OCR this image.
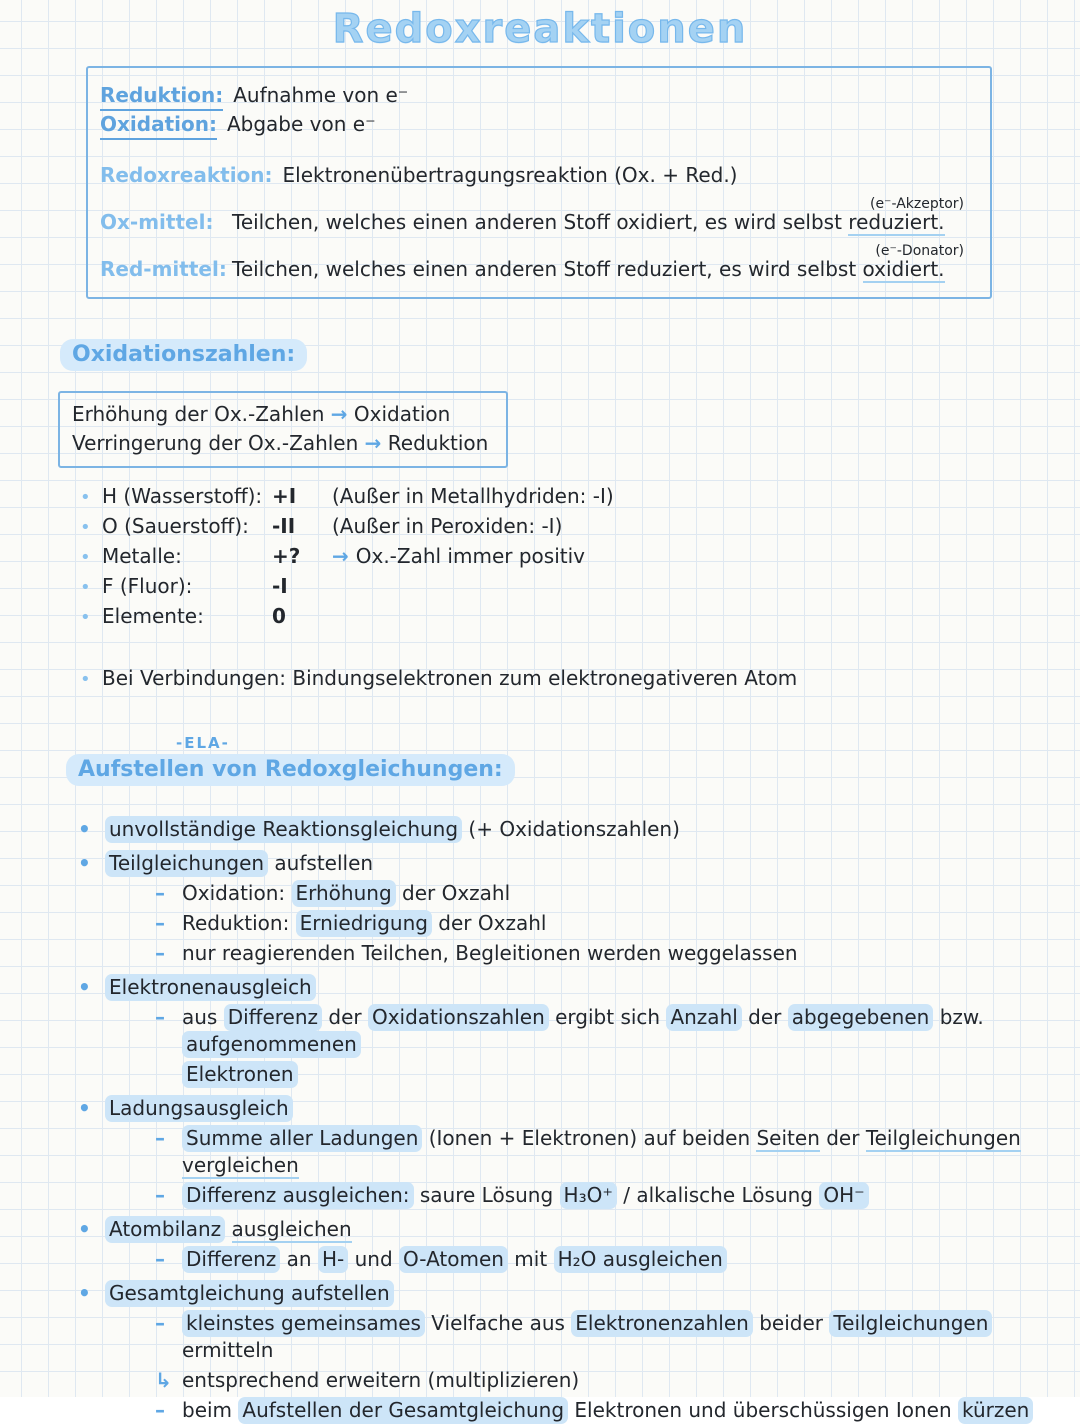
Redoxreaktionen
Reduktion: Aufnahme von e⁻
Oxidation: Abgabe von e⁻
Redoxreaktion: Elektronenübertragungsreaktion (Ox. + Red.)
(e⁻-Akzeptor)
Ox-mittel: Teilchen, welches einen anderen Stoff oxidiert, es wird selbst reduziert.
(e⁻-Donator)
Red-mittel: Teilchen, welches einen anderen Stoff reduziert, es wird selbst oxidiert.
Oxidationszahlen:
Erhöhung der Ox.-Zahlen → Oxidation
Verringerung der Ox.-Zahlen → Reduktion
• H (Wasserstoff): +I	(Außer in Metallhydriden: -I)
• O (Sauerstoff):	-II	(Außer in Peroxiden: -I)
• Metalle:	+?	→ Ox.-Zahl immer positiv
• F (Fluor):	-I
• Elemente:	0
• Bei Verbindungen: Bindungselektronen zum elektronegativeren Atom
-ELA-
Aufstellen von Redoxgleichungen:
• unvollständige Reaktionsgleichung (+ Oxidationszahlen)
• Teilgleichungen aufstellen
– Oxidation: Erhöhung der Oxzahl
– Reduktion: Erniedrigung der Oxzahl
– nur reagierenden Teilchen, Begleitionen werden weggelassen
• Elektronenausgleich
– aus Differenz der Oxidationszahlen ergibt sich Anzahl der abgegebenen bzw. aufgenommenen
Elektronen
• Ladungsausgleich
–	Summe aller Ladungen (Ionen + Elektronen) auf beiden Seiten der Teilgleichungen vergleichen
–	Differenz ausgleichen: saure Lösung H₃O⁺ / alkalische Lösung OH⁻
• Atombilanz ausgleichen
–	Differenz an H- und O-Atomen mit H₂O ausgleichen
• Gesamtgleichung aufstellen
–	kleinstes gemeinsames Vielfache aus Elektronenzahlen beider Teilgleichungen ermitteln
↳ entsprechend erweitern (multiplizieren)
– beim Aufstellen der Gesamtgleichung Elektronen und überschüssigen Ionen kürzen
